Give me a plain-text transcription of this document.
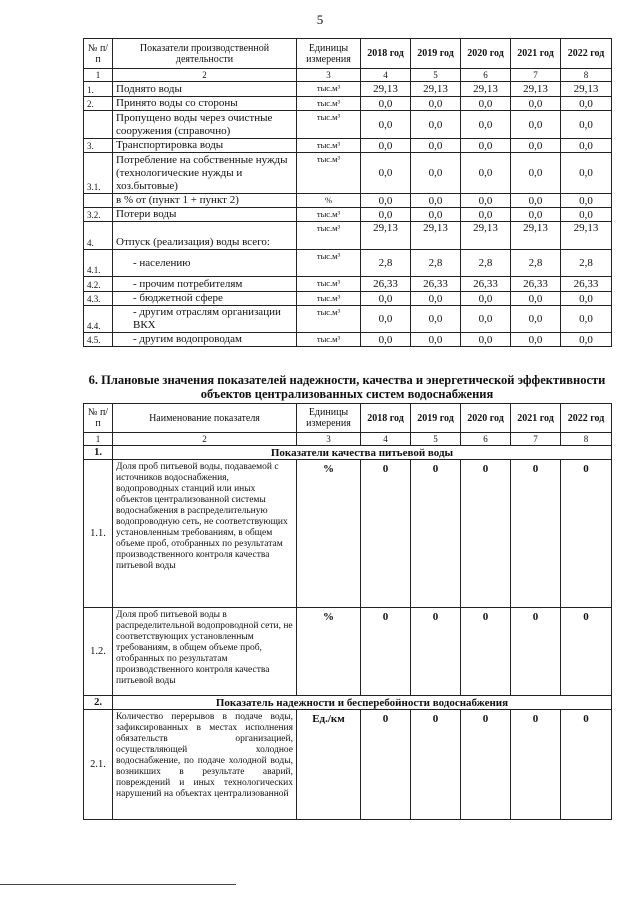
5
№ п/п	Показатели производственной деятельности	Единицы измерения	2018 год	2019 год	2020 год	2021 год	2022 год
1	2	3	4	5	6	7	8
1.	Поднято воды	тыс.м³	29,13	29,13	29,13	29,13	29,13
2.	Принято воды со стороны	тыс.м³	0,0	0,0	0,0	0,0	0,0
	Пропущено воды через очистные сооружения (справочно)	тыс.м³	0,0	0,0	0,0	0,0	0,0
3.	Транспортировка воды	тыс.м³	0,0	0,0	0,0	0,0	0,0
3.1.	Потребление на собственные нужды (технологические нужды и хоз.бытовые)	тыс.м³	0,0	0,0	0,0	0,0	0,0
	в % от (пункт 1 + пункт 2)	%	0,0	0,0	0,0	0,0	0,0
3.2.	Потери воды	тыс.м³	0,0	0,0	0,0	0,0	0,0
4.	Отпуск (реализация) воды всего:	тыс.м³	29,13	29,13	29,13	29,13	29,13
4.1.	- населению	тыс.м³	2,8	2,8	2,8	2,8	2,8
4.2.	- прочим потребителям	тыс.м³	26,33	26,33	26,33	26,33	26,33
4.3.	- бюджетной сфере	тыс.м³	0,0	0,0	0,0	0,0	0,0
4.4.	- другим отраслям организации ВКХ	тыс.м³	0,0	0,0	0,0	0,0	0,0
4.5.	- другим водопроводам	тыс.м³	0,0	0,0	0,0	0,0	0,0
6. Плановые значения показателей надежности, качества и энергетической эффективности объектов централизованных систем водоснабжения
№ п/п	Наименование показателя	Единицы измерения	2018 год	2019 год	2020 год	2021 год	2022 год
1	2	3	4	5	6	7	8
1.	Показатели качества питьевой воды						
1.1.	Доля проб питьевой воды, подаваемой с источников водоснабжения, водопроводных станций или иных объектов централизованной системы водоснабжения в распределительную водопроводную сеть, не соответствующих установленным требованиям, в общем объеме проб, отобранных по результатам производственного контроля качества питьевой воды	%	0	0	0	0	0
1.2.	Доля проб питьевой воды в распределительной водопроводной сети, не соответствующих установленным требованиям, в общем объеме проб, отобранных по результатам производственного контроля качества питьевой воды	%	0	0	0	0	0
2.	Показатель надежности и бесперебойности водоснабжения						
2.1.	Количество перерывов в подаче воды, зафиксированных в местах исполнения обязательств организацией, осуществляющей холодное водоснабжение, по подаче холодной воды, возникших в результате аварий, повреждений и иных технологических нарушений на объектах централизованной	Ед./км	0	0	0	0	0
